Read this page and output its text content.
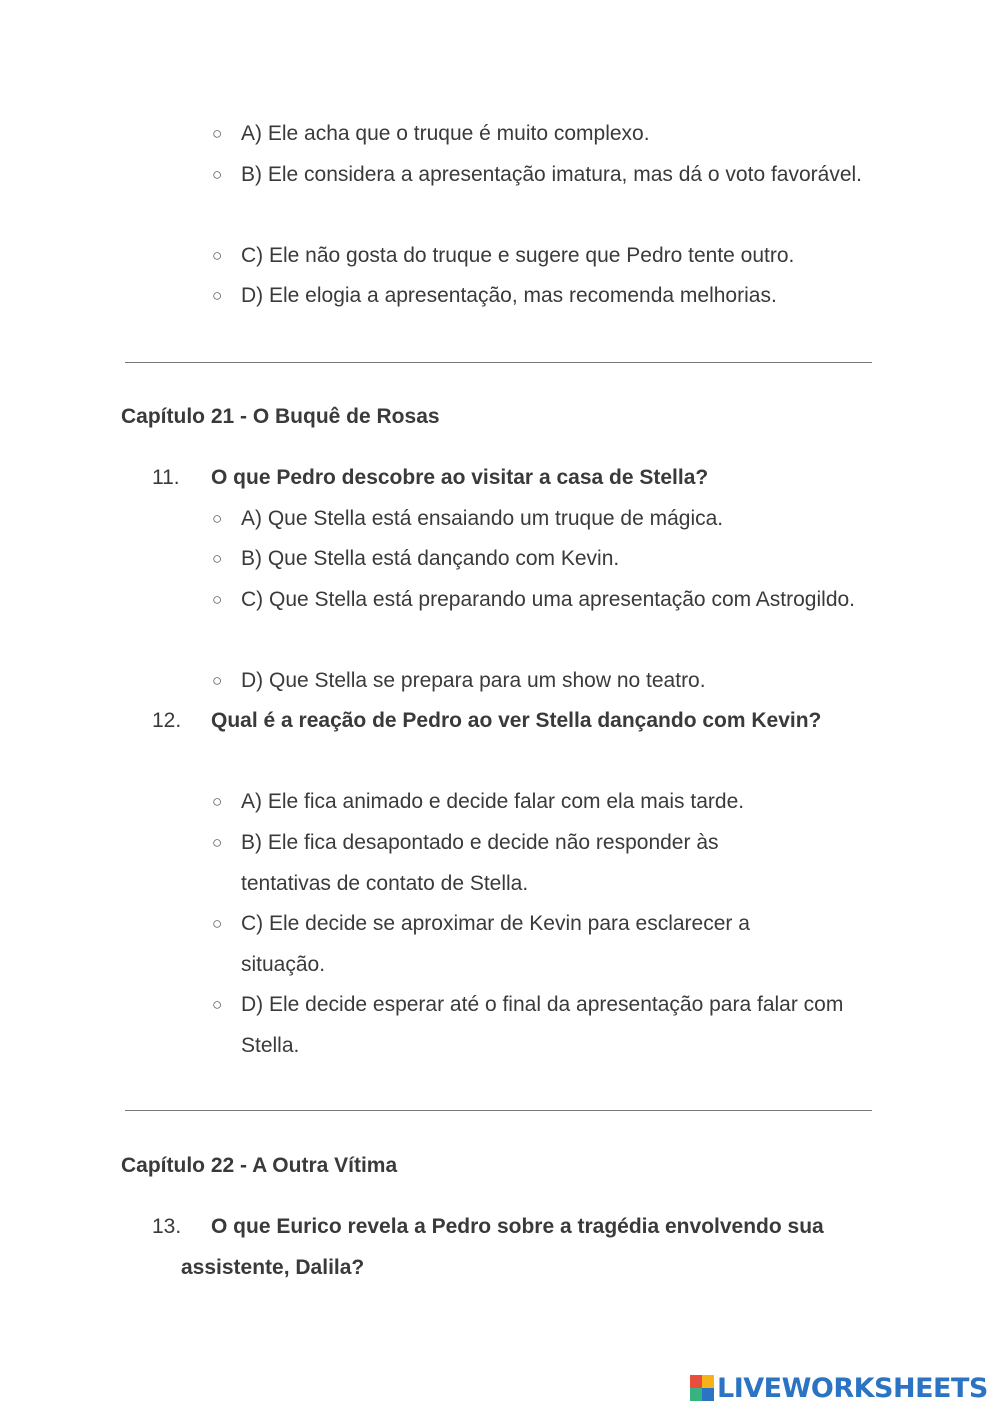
○ A) Ele acha que o truque é muito complexo.
○ B) Ele considera a apresentação imatura, mas dá o voto favorável.
○ C) Ele não gosta do truque e sugere que Pedro tente outro.
○ D) Ele elogia a apresentação, mas recomenda melhorias.
Capítulo 21 - O Buquê de Rosas
11.	O que Pedro descobre ao visitar a casa de Stella?
○ A) Que Stella está ensaiando um truque de mágica.
○ B) Que Stella está dançando com Kevin.
○ C) Que Stella está preparando uma apresentação com Astrogildo.
○ D) Que Stella se prepara para um show no teatro.
12.	Qual é a reação de Pedro ao ver Stella dançando com Kevin?
○ A) Ele fica animado e decide falar com ela mais tarde.
○ B) Ele fica desapontado e decide não responder às tentativas de contato de Stella.
○ C) Ele decide se aproximar de Kevin para esclarecer a situação.
○ D) Ele decide esperar até o final da apresentação para falar com Stella.
Capítulo 22 - A Outra Vítima
13.	O que Eurico revela a Pedro sobre a tragédia envolvendo sua assistente, Dalila?
LIVEWORKSHEETS
